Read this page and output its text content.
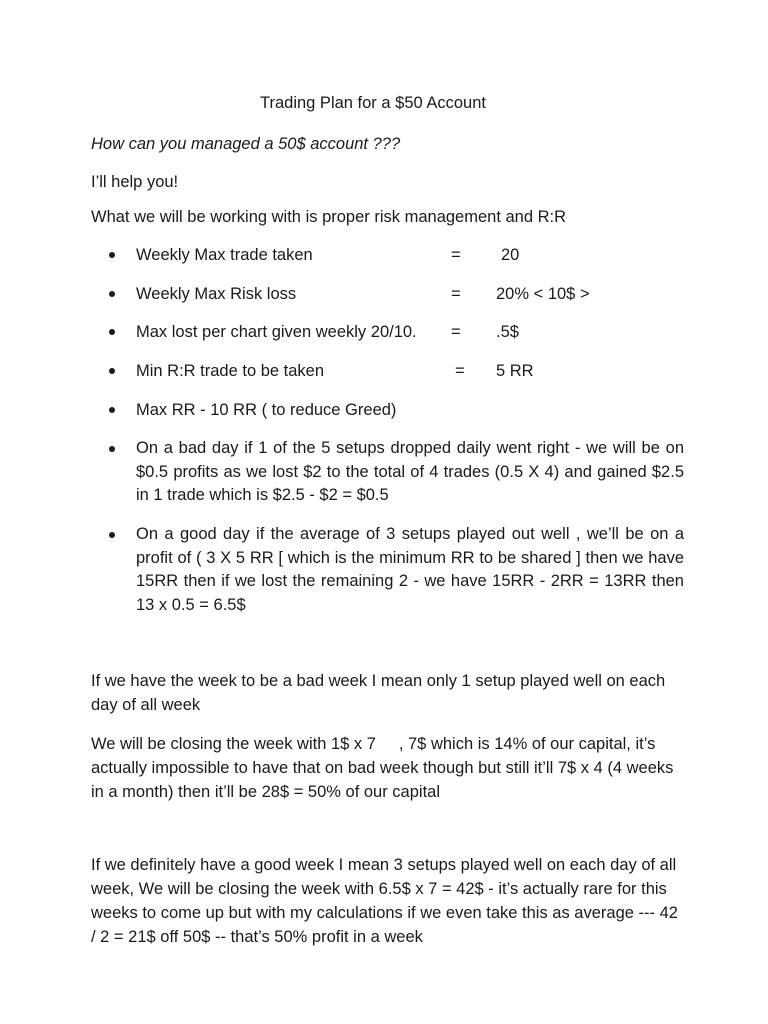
Trading Plan for a $50 Account
How can you managed a 50$ account ???
I’ll help you!
What we will be working with is proper risk management and R:R
Weekly Max trade taken	= 20
Weekly Max Risk loss	= 20% < 10$ >
Max lost per chart given weekly 20/10. = .5$
Min R:R trade to be taken	= 5 RR
Max RR - 10 RR ( to reduce Greed)
On a bad day if 1 of the 5 setups dropped daily went right - we will be on $0.5 profits as we lost $2 to the total of 4 trades (0.5 X 4) and gained $2.5 in 1 trade which is $2.5 - $2 = $0.5
On a good day if the average of 3 setups played out well , we’ll be on a profit of ( 3 X 5 RR [ which is the minimum RR to be shared ] then we have 15RR then if we lost the remaining 2 - we have 15RR - 2RR = 13RR then 13 x 0.5 = 6.5$
If we have the week to be a bad week I mean only 1 setup played well on each day of all week
We will be closing the week with 1$ x 7     , 7$ which is 14% of our capital, it’s actually impossible to have that on bad week though but still it’ll 7$ x 4 (4 weeks in a month) then it’ll be 28$ = 50% of our capital
If we definitely have a good week I mean 3 setups played well on each day of all week, We will be closing the week with 6.5$ x 7 = 42$ - it’s actually rare for this weeks to come up but with my calculations if we even take this as average --- 42 / 2 = 21$ off 50$ -- that’s 50% profit in a week
